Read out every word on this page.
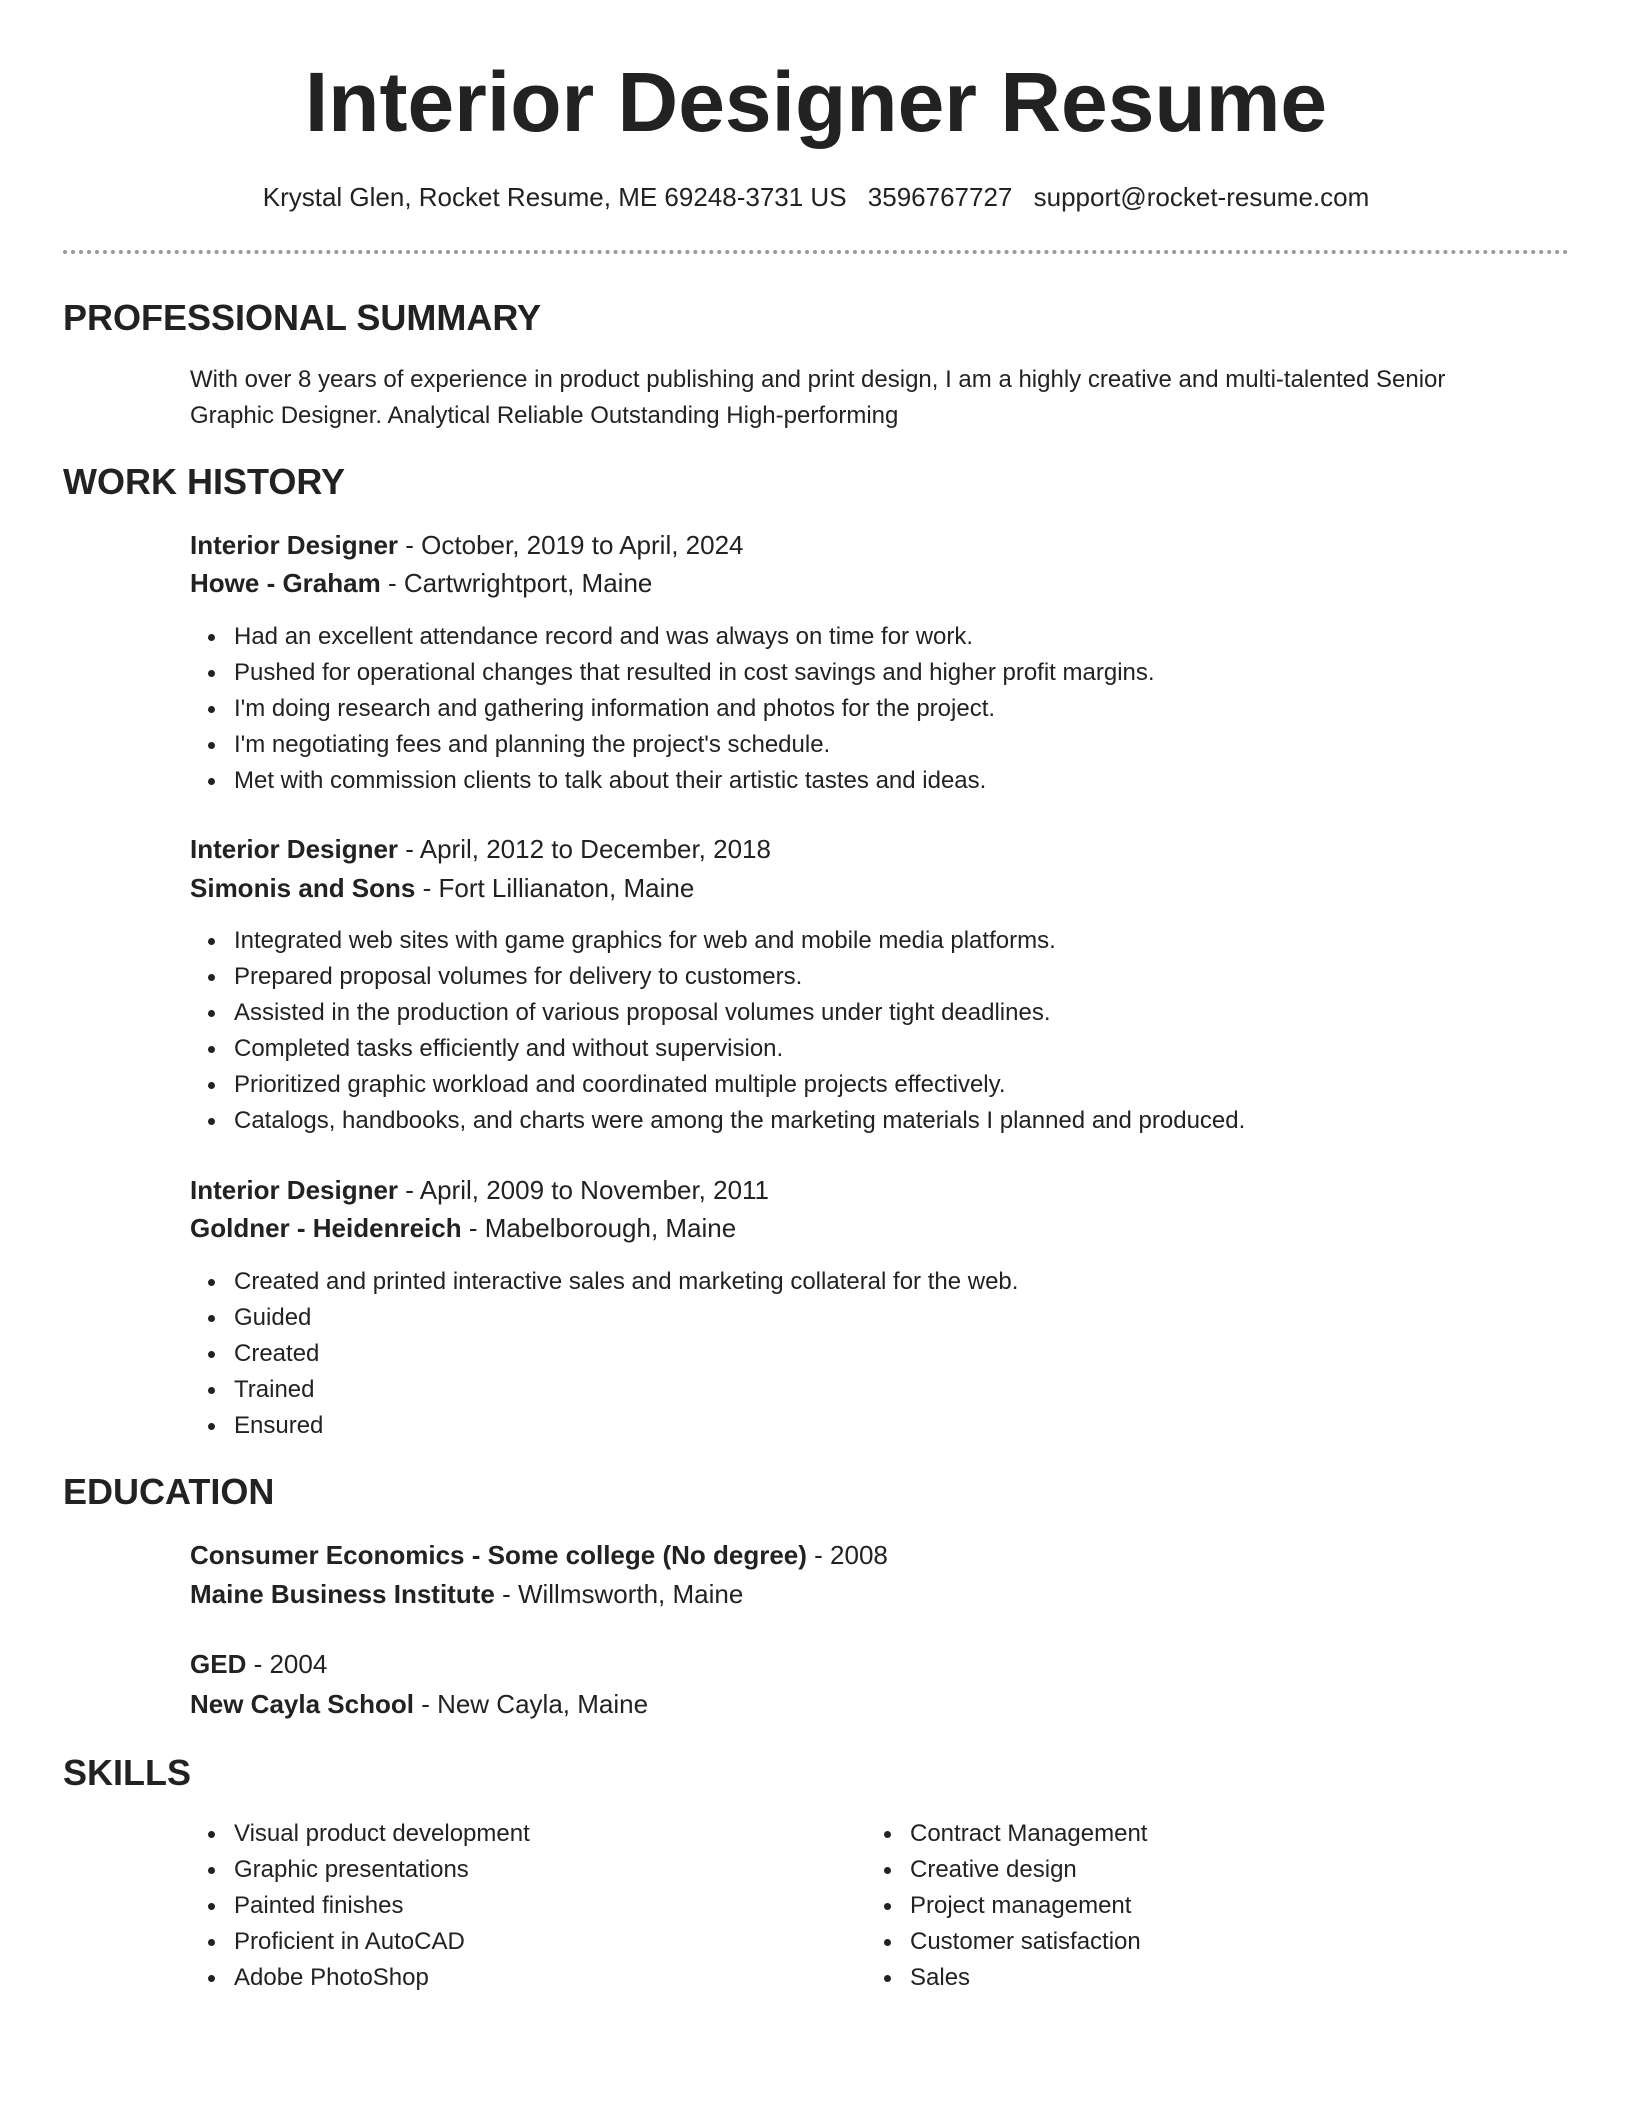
Interior Designer Resume
Krystal Glen, Rocket Resume, ME 69248-3731 US 3596767727 support@rocket-resume.com
PROFESSIONAL SUMMARY
With over 8 years of experience in product publishing and print design, I am a highly creative and multi-talented Senior
Graphic Designer. Analytical Reliable Outstanding High-performing
WORK HISTORY
Interior Designer - October, 2019 to April, 2024
Howe - Graham - Cartwrightport, Maine
Had an excellent attendance record and was always on time for work.
Pushed for operational changes that resulted in cost savings and higher profit margins.
I'm doing research and gathering information and photos for the project.
I'm negotiating fees and planning the project's schedule.
Met with commission clients to talk about their artistic tastes and ideas.
Interior Designer - April, 2012 to December, 2018
Simonis and Sons - Fort Lillianaton, Maine
Integrated web sites with game graphics for web and mobile media platforms.
Prepared proposal volumes for delivery to customers.
Assisted in the production of various proposal volumes under tight deadlines.
Completed tasks efficiently and without supervision.
Prioritized graphic workload and coordinated multiple projects effectively.
Catalogs, handbooks, and charts were among the marketing materials I planned and produced.
Interior Designer - April, 2009 to November, 2011
Goldner - Heidenreich - Mabelborough, Maine
Created and printed interactive sales and marketing collateral for the web.
Guided
Created
Trained
Ensured
EDUCATION
Consumer Economics - Some college (No degree) - 2008
Maine Business Institute - Willmsworth, Maine
GED - 2004
New Cayla School - New Cayla, Maine
SKILLS
Visual product development
Graphic presentations
Painted finishes
Proficient in AutoCAD
Adobe PhotoShop
Contract Management
Creative design
Project management
Customer satisfaction
Sales
